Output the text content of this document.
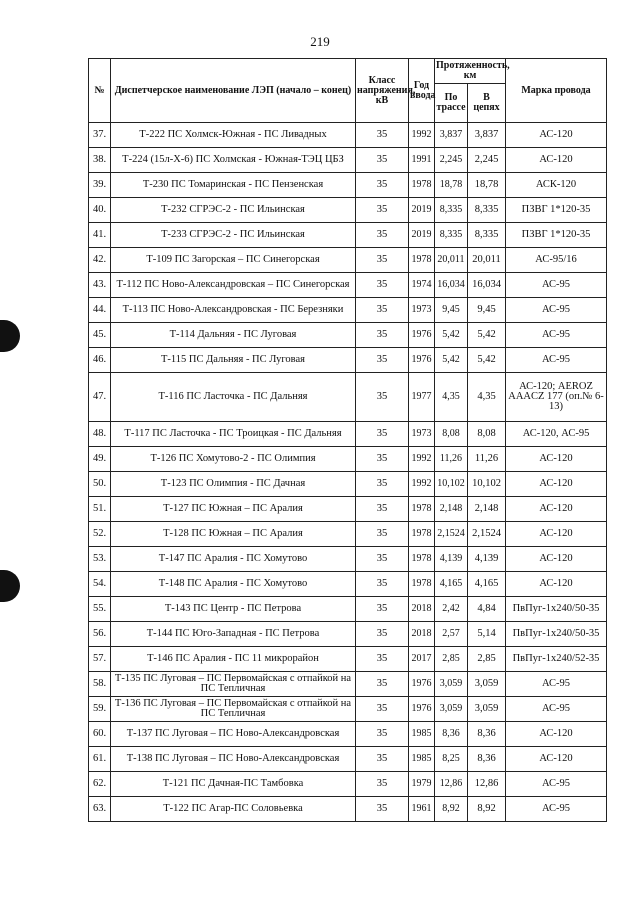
219
№	Диспетчерское наименование ЛЭП (начало – конец)	Класс напряжения, кВ	Год ввода	Протяженность, км		Марка провода
				По трассе	В цепях	
37.	Т-222 ПС Холмск-Южная - ПС Ливадных	35	1992	3,837	3,837	АС-120
38.	Т-224 (15л-Х-6) ПС Холмская - Южная-ТЭЦ ЦБЗ	35	1991	2,245	2,245	АС-120
39.	Т-230 ПС Томаринская - ПС Пензенская	35	1978	18,78	18,78	АСК-120
40.	Т-232 СГРЭС-2 - ПС Ильинская	35	2019	8,335	8,335	ПЗВГ 1*120-35
41.	Т-233 СГРЭС-2 - ПС Ильинская	35	2019	8,335	8,335	ПЗВГ 1*120-35
42.	Т-109 ПС Загорская – ПС Синегорская	35	1978	20,011	20,011	АС-95/16
43.	Т-112 ПС Ново-Александровская – ПС Синегорская	35	1974	16,034	16,034	АС-95
44.	Т-113 ПС Ново-Александровская - ПС Березняки	35	1973	9,45	9,45	АС-95
45.	Т-114 Дальняя - ПС Луговая	35	1976	5,42	5,42	АС-95
46.	Т-115 ПС Дальняя - ПС Луговая	35	1976	5,42	5,42	АС-95
47.	Т-116 ПС Ласточка - ПС Дальняя	35	1977	4,35	4,35	АС-120; AEROZ AAACZ 177 (оп.№ 6-13)
48.	Т-117 ПС Ласточка - ПС Троицкая - ПС Дальняя	35	1973	8,08	8,08	АС-120, АС-95
49.	Т-126 ПС Хомутово-2 - ПС Олимпия	35	1992	11,26	11,26	АС-120
50.	Т-123 ПС Олимпия - ПС Дачная	35	1992	10,102	10,102	АС-120
51.	Т-127 ПС Южная – ПС Аралия	35	1978	2,148	2,148	АС-120
52.	Т-128 ПС Южная – ПС Аралия	35	1978	2,1524	2,1524	АС-120
53.	Т-147 ПС Аралия - ПС Хомутово	35	1978	4,139	4,139	АС-120
54.	Т-148 ПС Аралия - ПС Хомутово	35	1978	4,165	4,165	АС-120
55.	Т-143 ПС Центр - ПС Петрова	35	2018	2,42	4,84	ПвПуг-1х240/50-35
56.	Т-144 ПС Юго-Западная - ПС Петрова	35	2018	2,57	5,14	ПвПуг-1х240/50-35
57.	Т-146 ПС Аралия - ПС 11 микрорайон	35	2017	2,85	2,85	ПвПуг-1х240/52-35
58.	Т-135 ПС Луговая – ПС Первомайская с отпайкой на ПС Тепличная	35	1976	3,059	3,059	АС-95
59.	Т-136 ПС Луговая – ПС Первомайская с отпайкой на ПС Тепличная	35	1976	3,059	3,059	АС-95
60.	Т-137 ПС Луговая – ПС Ново-Александровская	35	1985	8,36	8,36	АС-120
61.	Т-138 ПС Луговая – ПС Ново-Александровская	35	1985	8,25	8,36	АС-120
62.	Т-121 ПС Дачная-ПС Тамбовка	35	1979	12,86	12,86	АС-95
63.	Т-122 ПС Агар-ПС Соловьевка	35	1961	8,92	8,92	АС-95
